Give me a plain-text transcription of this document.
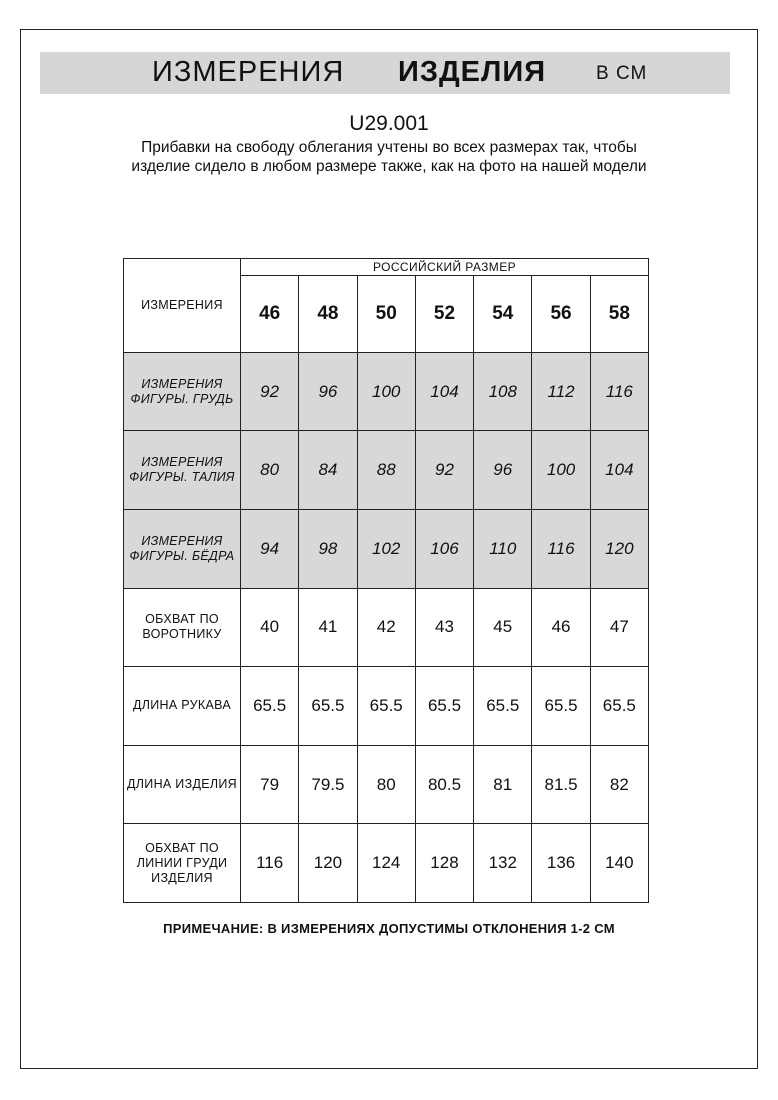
ИЗМЕРЕНИЯ ИЗДЕЛИЯ	В СМ
U29.001
Прибавки на свободу облегания учтены во всех размерах так, чтобы изделие сидело в любом размере также, как на фото на нашей модели
ИЗМЕРЕНИЯ	РОССИЙСКИЙ РАЗМЕР						
	46	48	50	52	54	56	58
ИЗМЕРЕНИЯ ФИГУРЫ. ГРУДЬ	92	96	100	104	108	112	116
ИЗМЕРЕНИЯ ФИГУРЫ. ТАЛИЯ	80	84	88	92	96	100	104
ИЗМЕРЕНИЯ ФИГУРЫ. БЁДРА	94	98	102	106	110	116	120
ОБХВАТ ПО ВОРОТНИКУ	40	41	42	43	45	46	47
ДЛИНА РУКАВА	65.5	65.5	65.5	65.5	65.5	65.5	65.5
ДЛИНА ИЗДЕЛИЯ	79	79.5	80	80.5	81	81.5	82
ОБХВАТ ПО ЛИНИИ ГРУДИ ИЗДЕЛИЯ	116	120	124	128	132	136	140
ПРИМЕЧАНИЕ: В ИЗМЕРЕНИЯХ ДОПУСТИМЫ ОТКЛОНЕНИЯ 1-2 СМ
